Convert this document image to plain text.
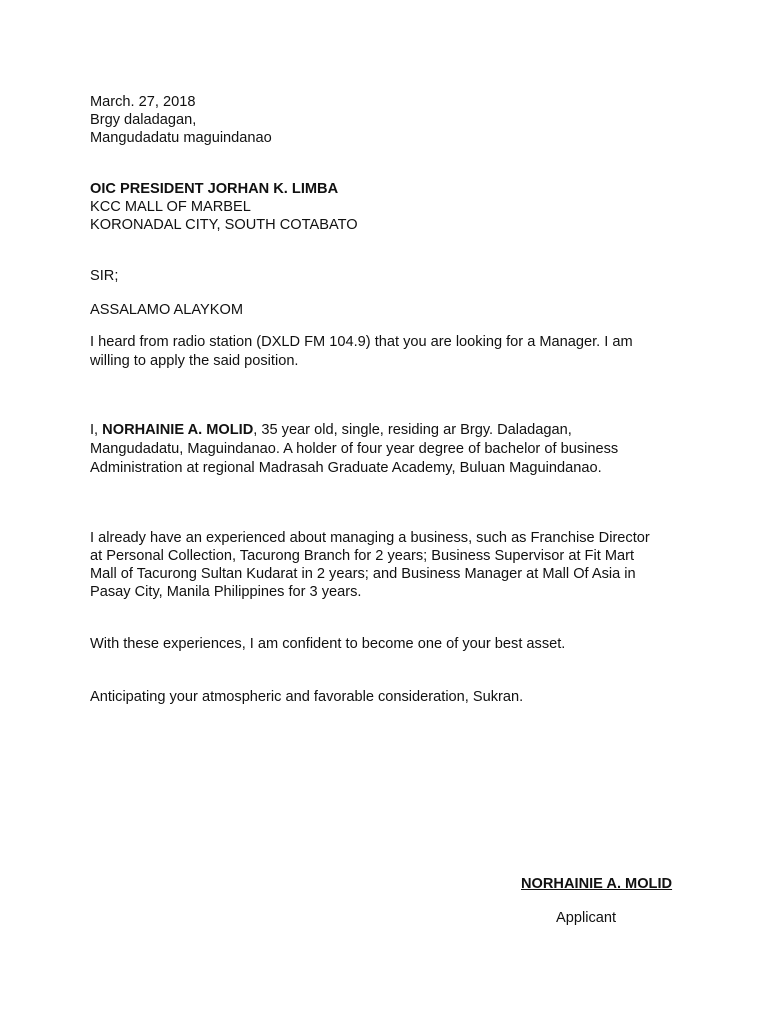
March. 27, 2018
Brgy daladagan,
Mangudadatu maguindanao
OIC PRESIDENT JORHAN K. LIMBA
KCC MALL OF MARBEL
KORONADAL CITY, SOUTH COTABATO
SIR;
ASSALAMO ALAYKOM
I heard from radio station (DXLD FM 104.9) that you are looking for a Manager. I am
willing to apply the said position.
I, NORHAINIE A. MOLID, 35 year old, single, residing ar Brgy. Daladagan,
Mangudadatu, Maguindanao. A holder of four year degree of bachelor of business
Administration at regional Madrasah Graduate Academy, Buluan Maguindanao.
I already have an experienced about managing a business, such as Franchise Director
at Personal Collection, Tacurong Branch for 2 years; Business Supervisor at Fit Mart
Mall of Tacurong Sultan Kudarat in 2 years; and Business Manager at Mall Of Asia in
Pasay City, Manila Philippines for 3 years.
With these experiences, I am confident to become one of your best asset.
Anticipating your atmospheric and favorable consideration, Sukran.
NORHAINIE A. MOLID
Applicant
